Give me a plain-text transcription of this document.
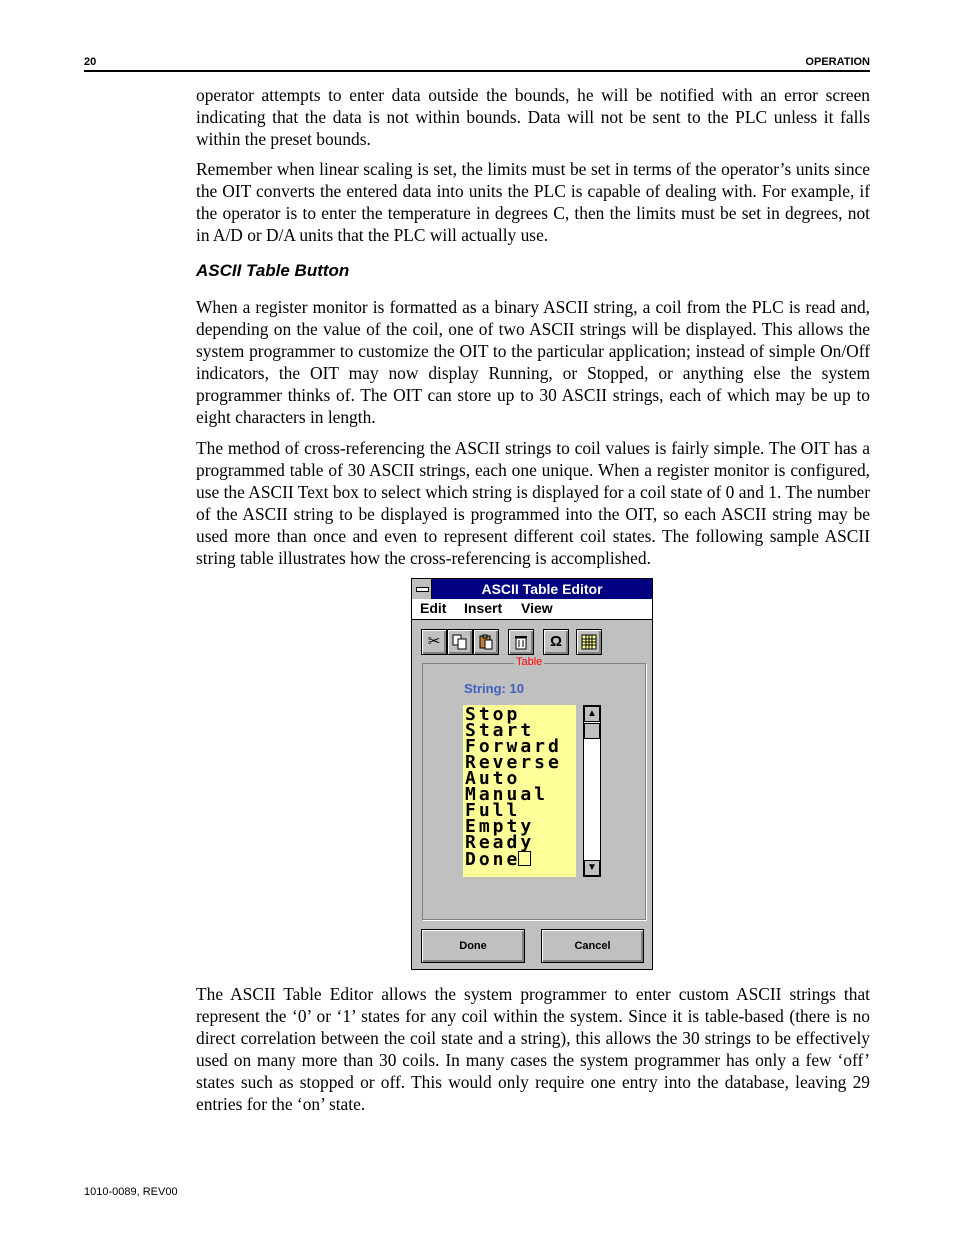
20	OPERATION

operator attempts to enter data outside the bounds, he will be notified with an error screen indicating that the data is not within bounds. Data will not be sent to the PLC unless it falls within the preset bounds.

Remember when linear scaling is set, the limits must be set in terms of the operator’s units since the OIT converts the entered data into units the PLC is capable of dealing with. For example, if the operator is to enter the temperature in degrees C, then the limits must be set in degrees, not in A/D or D/A units that the PLC will actually use.

ASCII Table Button

When a register monitor is formatted as a binary ASCII string, a coil from the PLC is read and, depending on the value of the coil, one of two ASCII strings will be displayed. This allows the system programmer to customize the OIT to the particular application; instead of simple On/Off indicators, the OIT may now display Running, or Stopped, or anything else the system programmer thinks of. The OIT can store up to 30 ASCII strings, each of which may be up to eight characters in length.

The method of cross-referencing the ASCII strings to coil values is fairly simple. The OIT has a programmed table of 30 ASCII strings, each one unique. When a register monitor is configured, use the ASCII Text box to select which string is displayed for a coil state of 0 and 1. The number of the ASCII string to be displayed is programmed into the OIT, so each ASCII string may be used more than once and even to represent different coil states. The following sample ASCII string table illustrates how the cross-referencing is accomplished.

ASCII Table Editor
Edit Insert View
✂	Ω
Table
String: 10
Stop
Start
Forward
Reverse
Auto
Manual
Full
Empty
Ready
Done
▲
▼
Done	Cancel

The ASCII Table Editor allows the system programmer to enter custom ASCII strings that represent the ‘0’ or ‘1’ states for any coil within the system. Since it is table-based (there is no direct correlation between the coil state and a string), this allows the 30 strings to be effectively used on many more than 30 coils. In many cases the system programmer has only a few ‘off’ states such as stopped or off. This would only require one entry into the database, leaving 29 entries for the ‘on’ state.

1010-0089, REV00
